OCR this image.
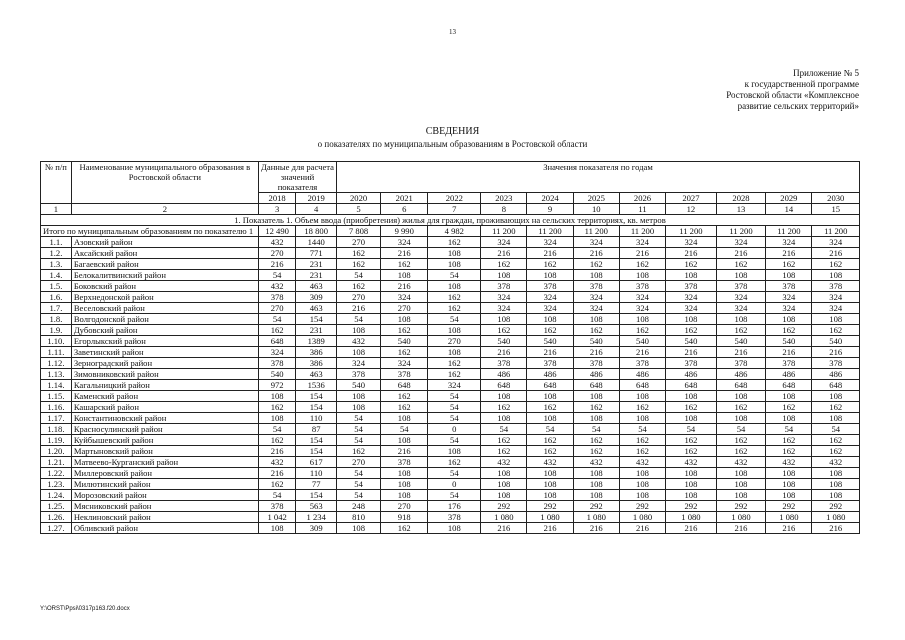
13
Приложение № 5
к государственной программе
Ростовской области «Комплексное
развитие сельских территорий»
СВЕДЕНИЯ
о показателях по муниципальным образованиям в Ростовской области
№ п/п	Наименование муниципального образования в Ростовской области	Данные для расчета значений показателя		Значения показателя по годам										
		2018	2019	2020	2021	2022	2023	2024	2025	2026	2027	2028	2029	2030
1	2	3	4	5	6	7	8	9	10	11	12	13	14	15
1. Показатель 1. Объем ввода (приобретения) жилья для граждан, проживающих на сельских территориях, кв. метров														
Итого по муниципальным образованиям по показателю 1		12 490	18 800	7 808	9 990	4 982	11 200	11 200	11 200	11 200	11 200	11 200	11 200	11 200
1.1.	Азовский район	432	1440	270	324	162	324	324	324	324	324	324	324	324
1.2.	Аксайский район	270	771	162	216	108	216	216	216	216	216	216	216	216
1.3.	Багаевский район	216	231	162	162	108	162	162	162	162	162	162	162	162
1.4.	Белокалитвинский район	54	231	54	108	54	108	108	108	108	108	108	108	108
1.5.	Боковский район	432	463	162	216	108	378	378	378	378	378	378	378	378
1.6.	Верхнедонской район	378	309	270	324	162	324	324	324	324	324	324	324	324
1.7.	Веселовский район	270	463	216	270	162	324	324	324	324	324	324	324	324
1.8.	Волгодонской район	54	154	54	108	54	108	108	108	108	108	108	108	108
1.9.	Дубовский район	162	231	108	162	108	162	162	162	162	162	162	162	162
1.10.	Егорлыкский район	648	1389	432	540	270	540	540	540	540	540	540	540	540
1.11.	Заветинский район	324	386	108	162	108	216	216	216	216	216	216	216	216
1.12.	Зерноградский район	378	386	324	324	162	378	378	378	378	378	378	378	378
1.13.	Зимовниковский район	540	463	378	378	162	486	486	486	486	486	486	486	486
1.14.	Кагальницкий район	972	1536	540	648	324	648	648	648	648	648	648	648	648
1.15.	Каменский район	108	154	108	162	54	108	108	108	108	108	108	108	108
1.16.	Кашарский район	162	154	108	162	54	162	162	162	162	162	162	162	162
1.17.	Константиновский район	108	110	54	108	54	108	108	108	108	108	108	108	108
1.18.	Красносулинский район	54	87	54	54	0	54	54	54	54	54	54	54	54
1.19.	Куйбышевский район	162	154	54	108	54	162	162	162	162	162	162	162	162
1.20.	Мартыновский район	216	154	162	216	108	162	162	162	162	162	162	162	162
1.21.	Матвеево-Курганский район	432	617	270	378	162	432	432	432	432	432	432	432	432
1.22.	Миллеровский район	216	110	54	108	54	108	108	108	108	108	108	108	108
1.23.	Милютинский район	162	77	54	108	0	108	108	108	108	108	108	108	108
1.24.	Морозовский район	54	154	54	108	54	108	108	108	108	108	108	108	108
1.25.	Мясниковский район	378	563	248	270	176	292	292	292	292	292	292	292	292
1.26.	Неклиновский район	1 042	1 234	810	918	378	1 080	1 080	1 080	1 080	1 080	1 080	1 080	1 080
1.27.	Обливский район	108	309	108	162	108	216	216	216	216	216	216	216	216
Y:\ORST\Ppsi\0317p163.f20.docx
